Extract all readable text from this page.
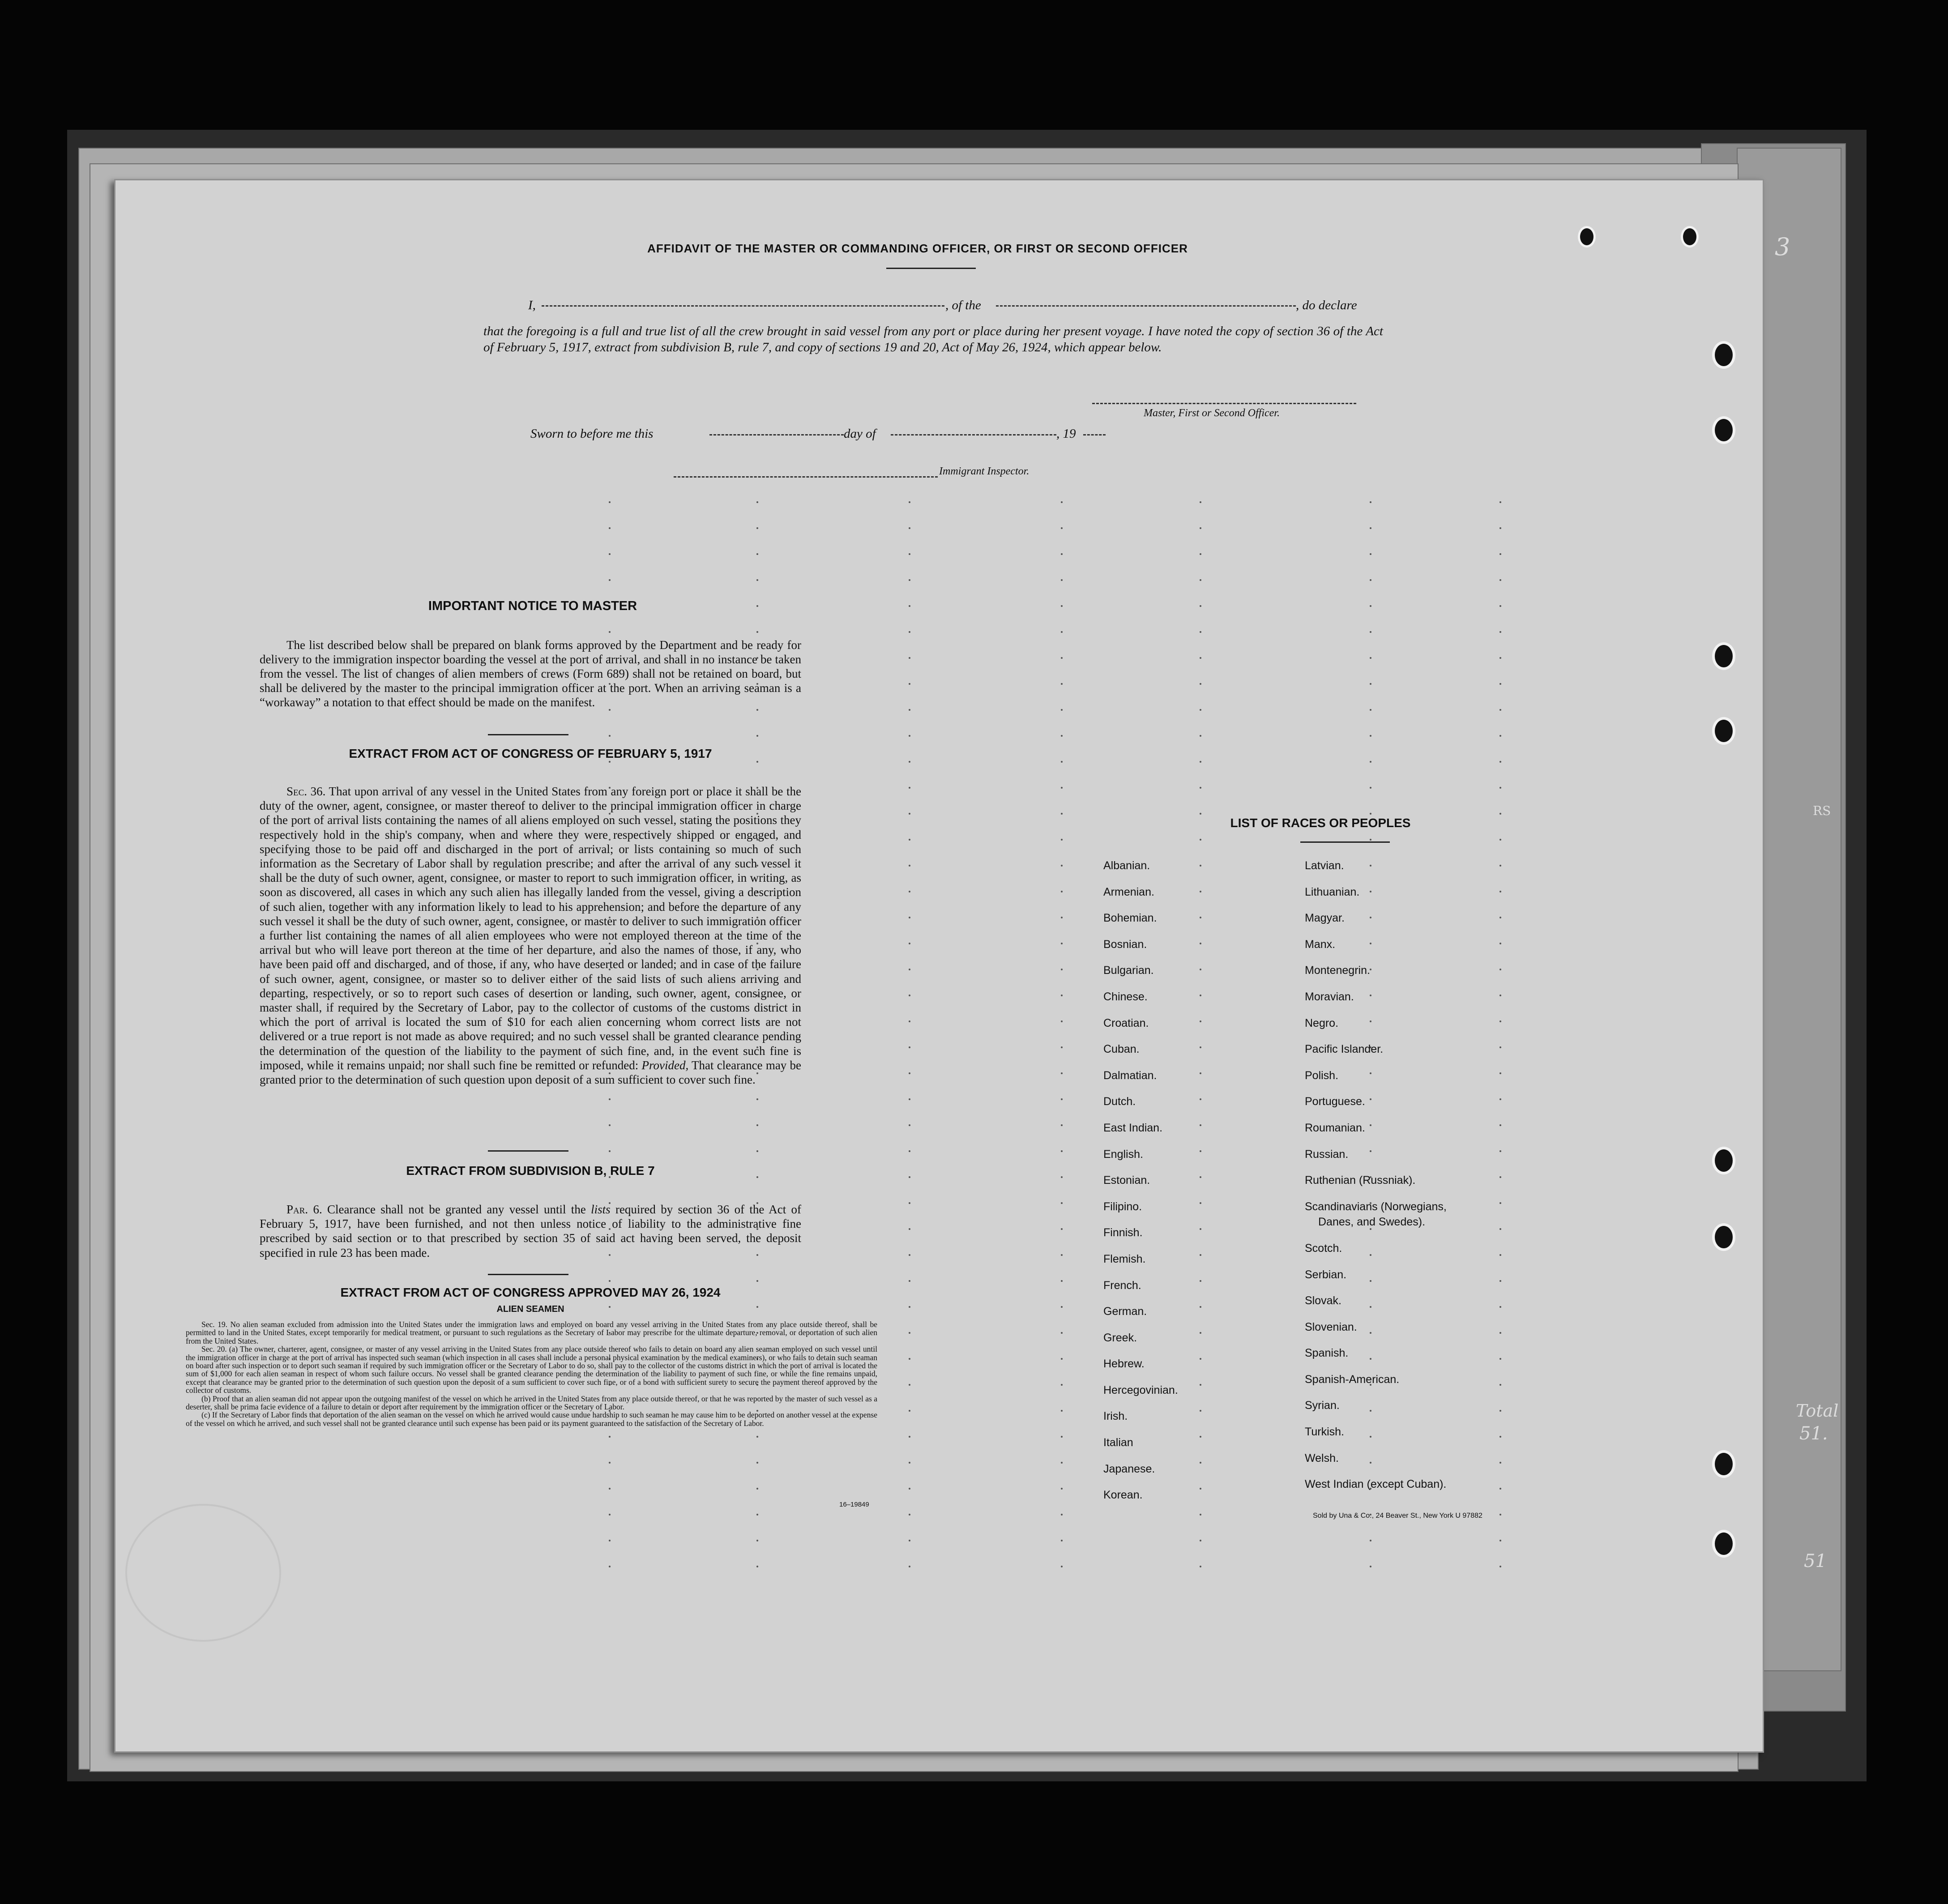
AFFIDAVIT OF THE MASTER OR COMMANDING OFFICER, OR FIRST OR SECOND OFFICER
I,	, of the	, do declare
that the foregoing is a full and true list of all the crew brought in said vessel from any port or place during her present voyage. I have noted the copy of section 36 of the Act of February 5, 1917, extract from subdivision B, rule 7, and copy of sections 19 and 20, Act of May 26, 1924, which appear below.
Master, First or Second Officer.
Sworn to before me this	day of	, 19
Immigrant Inspector.
IMPORTANT NOTICE TO MASTER
The list described below shall be prepared on blank forms approved by the Department and be ready for delivery to the immigration inspector boarding the vessel at the port of arrival, and shall in no instance be taken from the vessel. The list of changes of alien members of crews (Form 689) shall not be retained on board, but shall be delivered by the master to the principal immigration officer at the port. When an arriving seaman is a “workaway” a notation to that effect should be made on the manifest.
EXTRACT FROM ACT OF CONGRESS OF FEBRUARY 5, 1917
Sec. 36. That upon arrival of any vessel in the United States from any foreign port or place it shall be the duty of the owner, agent, consignee, or master thereof to deliver to the principal immigration officer in charge of the port of arrival lists containing the names of all aliens employed on such vessel, stating the positions they respectively hold in the ship's company, when and where they were respectively shipped or engaged, and specifying those to be paid off and discharged in the port of arrival; or lists containing so much of such information as the Secretary of Labor shall by regulation prescribe; and after the arrival of any such vessel it shall be the duty of such owner, agent, consignee, or master to report to such immigration officer, in writing, as soon as discovered, all cases in which any such alien has illegally landed from the vessel, giving a description of such alien, together with any information likely to lead to his apprehension; and before the departure of any such vessel it shall be the duty of such owner, agent, consignee, or master to deliver to such immigration officer a further list containing the names of all alien employees who were not employed thereon at the time of the arrival but who will leave port thereon at the time of her departure, and also the names of those, if any, who have been paid off and discharged, and of those, if any, who have deserted or landed; and in case of the failure of such owner, agent, consignee, or master so to deliver either of the said lists of such aliens arriving and departing, respectively, or so to report such cases of desertion or landing, such owner, agent, consignee, or master shall, if required by the Secretary of Labor, pay to the collector of customs of the customs district in which the port of arrival is located the sum of $10 for each alien concerning whom correct lists are not delivered or a true report is not made as above required; and no such vessel shall be granted clearance pending the determination of the question of the liability to the payment of such fine, and, in the event such fine is imposed, while it remains unpaid; nor shall such fine be remitted or refunded: Provided, That clearance may be granted prior to the determination of such question upon deposit of a sum sufficient to cover such fine.
EXTRACT FROM SUBDIVISION B, RULE 7
Par. 6. Clearance shall not be granted any vessel until the lists required by section 36 of the Act of February 5, 1917, have been furnished, and not then unless notice of liability to the administrative fine prescribed by said section or to that prescribed by section 35 of said act having been served, the deposit specified in rule 23 has been made.
EXTRACT FROM ACT OF CONGRESS APPROVED MAY 26, 1924
ALIEN SEAMEN
Sec. 19. No alien seaman excluded from admission into the United States under the immigration laws and employed on board any vessel arriving in the United States from any place outside thereof, shall be permitted to land in the United States, except temporarily for medical treatment, or pursuant to such regulations as the Secretary of Labor may prescribe for the ultimate departure, removal, or deportation of such alien from the United States.
Sec. 20. (a) The owner, charterer, agent, consignee, or master of any vessel arriving in the United States from any place outside thereof who fails to detain on board any alien seaman employed on such vessel until the immigration officer in charge at the port of arrival has inspected such seaman (which inspection in all cases shall include a personal physical examination by the medical examiners), or who fails to detain such seaman on board after such inspection or to deport such seaman if required by such immigration officer or the Secretary of Labor to do so, shall pay to the collector of the customs district in which the port of arrival is located the sum of $1,000 for each alien seaman in respect of whom such failure occurs. No vessel shall be granted clearance pending the determination of the liability to payment of such fine, or while the fine remains unpaid, except that clearance may be granted prior to the determination of such question upon the deposit of a sum sufficient to cover such fine, or of a bond with sufficient surety to secure the payment thereof approved by the collector of customs.
(b) Proof that an alien seaman did not appear upon the outgoing manifest of the vessel on which he arrived in the United States from any place outside thereof, or that he was reported by the master of such vessel as a deserter, shall be prima facie evidence of a failure to detain or deport after requirement by the immigration officer or the Secretary of Labor.
(c) If the Secretary of Labor finds that deportation of the alien seaman on the vessel on which he arrived would cause undue hardship to such seaman he may cause him to be deported on another vessel at the expense of the vessel on which he arrived, and such vessel shall not be granted clearance until such expense has been paid or its payment guaranteed to the satisfaction of the Secretary of Labor.
16–19849
LIST OF RACES OR PEOPLES
Albanian.
Armenian.
Bohemian.
Bosnian.
Bulgarian.
Chinese.
Croatian.
Cuban.
Dalmatian.
Dutch.
East Indian.
English.
Estonian.
Filipino.
Finnish.
Flemish.
French.
German.
Greek.
Hebrew.
Hercegovinian.
Irish.
Italian
Japanese.
Korean.
Latvian.
Lithuanian.
Magyar.
Manx.
Montenegrin.
Moravian.
Negro.
Pacific Islander.
Polish.
Portuguese.
Roumanian.
Russian.
Ruthenian (Russniak).
Scandinavians (Norwegians,
Danes, and Swedes).
Scotch.
Serbian.
Slovak.
Slovenian.
Spanish.
Spanish-American.
Syrian.
Turkish.
Welsh.
West Indian (except Cuban).
Sold by Una & Co., 24 Beaver St., New York U 97882
3
RS
Total
51.
51
